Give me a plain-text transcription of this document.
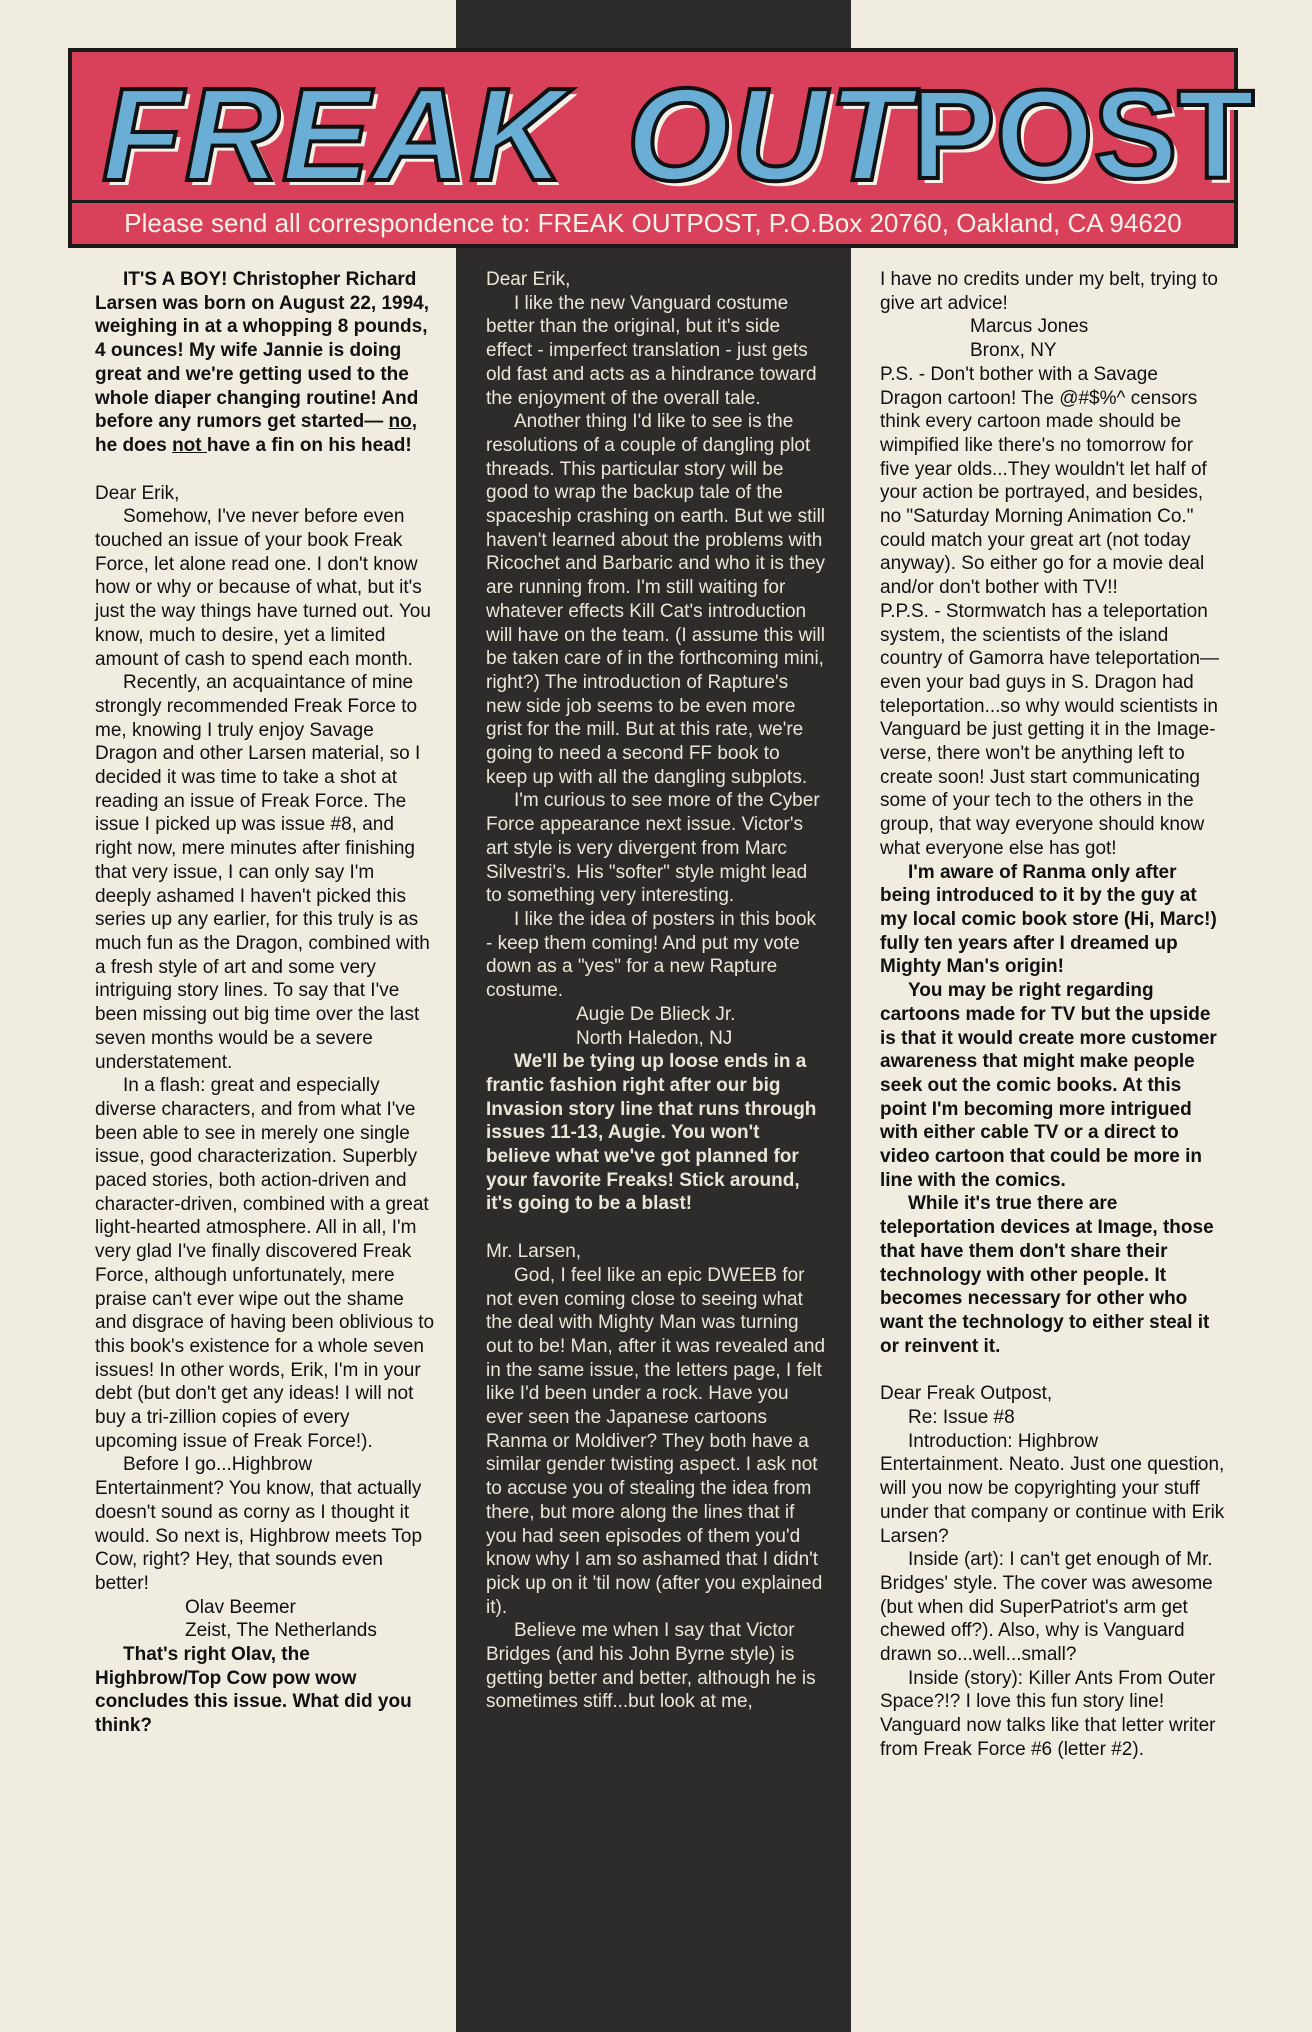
FREAK OUT POST
Please send all correspondence to: FREAK OUTPOST, P.O.Box 20760, Oakland, CA 94620

IT'S A BOY! Christopher Richard Larsen was born on August 22, 1994, weighing in at a whopping 8 pounds, 4 ounces! My wife Jannie is doing great and we're getting used to the whole diaper changing routine! And before any rumors get started— no, he does not have a fin on his head!

Dear Erik,

Somehow, I've never before even touched an issue of your book Freak Force, let alone read one. I don't know how or why or because of what, but it's just the way things have turned out. You know, much to desire, yet a limited amount of cash to spend each month.

Recently, an acquaintance of mine strongly recommended Freak Force to me, knowing I truly enjoy Savage Dragon and other Larsen material, so I decided it was time to take a shot at reading an issue of Freak Force. The issue I picked up was issue #8, and right now, mere minutes after finishing that very issue, I can only say I'm deeply ashamed I haven't picked this series up any earlier, for this truly is as much fun as the Dragon, combined with a fresh style of art and some very intriguing story lines. To say that I've been missing out big time over the last seven months would be a severe understatement.

In a flash: great and especially diverse characters, and from what I've been able to see in merely one single issue, good characterization. Superbly paced stories, both action-driven and character-driven, combined with a great light-hearted atmosphere. All in all, I'm very glad I've finally discovered Freak Force, although unfortunately, mere praise can't ever wipe out the shame and disgrace of having been oblivious to this book's existence for a whole seven issues! In other words, Erik, I'm in your debt (but don't get any ideas! I will not buy a tri-zillion copies of every upcoming issue of Freak Force!).

Before I go...Highbrow Entertainment? You know, that actually doesn't sound as corny as I thought it would. So next is, Highbrow meets Top Cow, right? Hey, that sounds even better!

Olav Beemer

Zeist, The Netherlands

That's right Olav, the Highbrow/Top Cow pow wow concludes this issue. What did you think?

Dear Erik,

I like the new Vanguard costume better than the original, but it's side effect - imperfect translation - just gets old fast and acts as a hindrance toward the enjoyment of the overall tale.

Another thing I'd like to see is the resolutions of a couple of dangling plot threads. This particular story will be good to wrap the backup tale of the spaceship crashing on earth. But we still haven't learned about the problems with Ricochet and Barbaric and who it is they are running from. I'm still waiting for whatever effects Kill Cat's introduction will have on the team. (I assume this will be taken care of in the forthcoming mini, right?) The introduction of Rapture's new side job seems to be even more grist for the mill. But at this rate, we're going to need a second FF book to keep up with all the dangling subplots.

I'm curious to see more of the Cyber Force appearance next issue. Victor's art style is very divergent from Marc Silvestri's. His "softer" style might lead to something very interesting.

I like the idea of posters in this book - keep them coming! And put my vote down as a "yes" for a new Rapture costume.

Augie De Blieck Jr.

North Haledon, NJ

We'll be tying up loose ends in a frantic fashion right after our big Invasion story line that runs through issues 11-13, Augie. You won't believe what we've got planned for your favorite Freaks! Stick around, it's going to be a blast!

Mr. Larsen,

God, I feel like an epic DWEEB for not even coming close to seeing what the deal with Mighty Man was turning out to be! Man, after it was revealed and in the same issue, the letters page, I felt like I'd been under a rock. Have you ever seen the Japanese cartoons Ranma or Moldiver? They both have a similar gender twisting aspect. I ask not to accuse you of stealing the idea from there, but more along the lines that if you had seen episodes of them you'd know why I am so ashamed that I didn't pick up on it 'til now (after you explained it).

Believe me when I say that Victor Bridges (and his John Byrne style) is getting better and better, although he is sometimes stiff...but look at me,

I have no credits under my belt, trying to give art advice!

Marcus Jones

Bronx, NY

P.S. - Don't bother with a Savage Dragon cartoon! The @#$%^ censors think every cartoon made should be wimpified like there's no tomorrow for five year olds...They wouldn't let half of your action be portrayed, and besides, no "Saturday Morning Animation Co." could match your great art (not today anyway). So either go for a movie deal and/or don't bother with TV!!

P.P.S. - Stormwatch has a teleportation system, the scientists of the island country of Gamorra have teleportation—even your bad guys in S. Dragon had teleportation...so why would scientists in Vanguard be just getting it in the Image-verse, there won't be anything left to create soon! Just start communicating some of your tech to the others in the group, that way everyone should know what everyone else has got!

I'm aware of Ranma only after being introduced to it by the guy at my local comic book store (Hi, Marc!) fully ten years after I dreamed up Mighty Man's origin!

You may be right regarding cartoons made for TV but the upside is that it would create more customer awareness that might make people seek out the comic books. At this point I'm becoming more intrigued with either cable TV or a direct to video cartoon that could be more in line with the comics.

While it's true there are teleportation devices at Image, those that have them don't share their technology with other people. It becomes necessary for other who want the technology to either steal it or reinvent it.

Dear Freak Outpost,

Re: Issue #8

Introduction: Highbrow Entertainment. Neato. Just one question, will you now be copyrighting your stuff under that company or continue with Erik Larsen?

Inside (art): I can't get enough of Mr. Bridges' style. The cover was awesome (but when did SuperPatriot's arm get chewed off?). Also, why is Vanguard drawn so...well...small?

Inside (story): Killer Ants From Outer Space?!? I love this fun story line! Vanguard now talks like that letter writer from Freak Force #6 (letter #2).
